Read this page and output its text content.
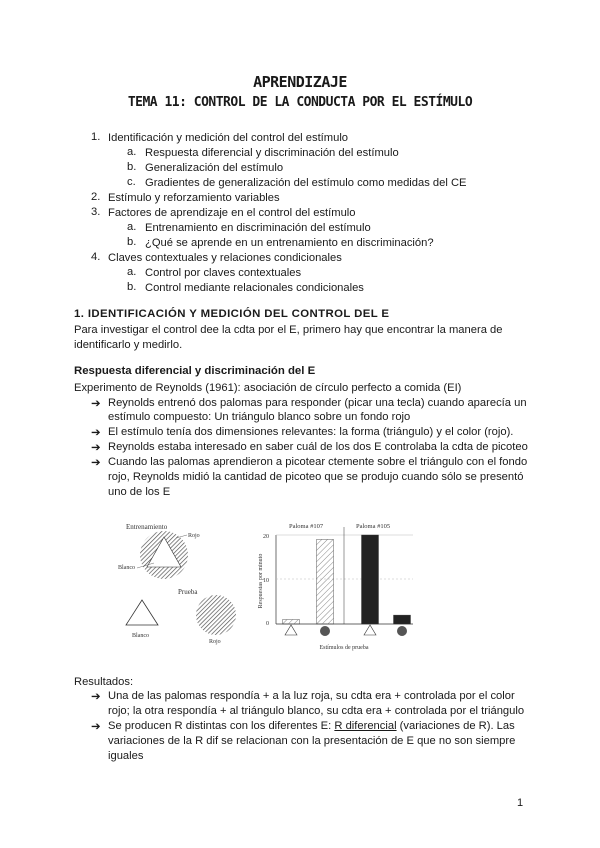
APRENDIZAJE
TEMA 11: CONTROL DE LA CONDUCTA POR EL ESTÍMULO
1. Identificación y medición del control del estímulo
a. Respuesta diferencial y discriminación del estímulo
b. Generalización del estímulo
c. Gradientes de generalización del estímulo como medidas del CE
2. Estímulo y reforzamiento variables
3. Factores de aprendizaje en el control del estímulo
a. Entrenamiento en discriminación del estímulo
b. ¿Qué se aprende en un entrenamiento en discriminación?
4. Claves contextuales y relaciones condicionales
a. Control por claves contextuales
b. Control mediante relacionales condicionales
1. IDENTIFICACIÓN Y MEDICIÓN DEL CONTROL DEL E
Para investigar el control dee la cdta por el E, primero hay que encontrar la manera de
identificarlo y medirlo.
Respuesta diferencial y discriminación del E
Experimento de Reynolds (1961): asociación de círculo perfecto a comida (EI)
➔ Reynolds entrenó dos palomas para responder (picar una tecla) cuando aparecía un
estímulo compuesto: Un triángulo blanco sobre un fondo rojo
➔ El estímulo tenía dos dimensiones relevantes: la forma (triángulo) y el color (rojo).
➔ Reynolds estaba interesado en saber cuál de los dos E controlaba la cdta de picoteo
➔ Cuando las palomas aprendieron a picotear ctemente sobre el triángulo con el fondo
rojo, Reynolds midió la cantidad de picoteo que se produjo cuando sólo se presentó
uno de los E
Entrenamiento
Rojo
Blanco
Prueba
Blanco
Rojo
20
10
0
Respuestas por minuto
Paloma #107	Paloma #105
Estímulos de prueba
Resultados:
➔ Una de las palomas respondía + a la luz roja, su cdta era + controlada por el color
rojo; la otra respondía + al triángulo blanco, su cdta era + controlada por el triángulo
➔ Se producen R distintas con los diferentes E: R diferencial (variaciones de R). Las
variaciones de la R dif se relacionan con la presentación de E que no son siempre
iguales
1
